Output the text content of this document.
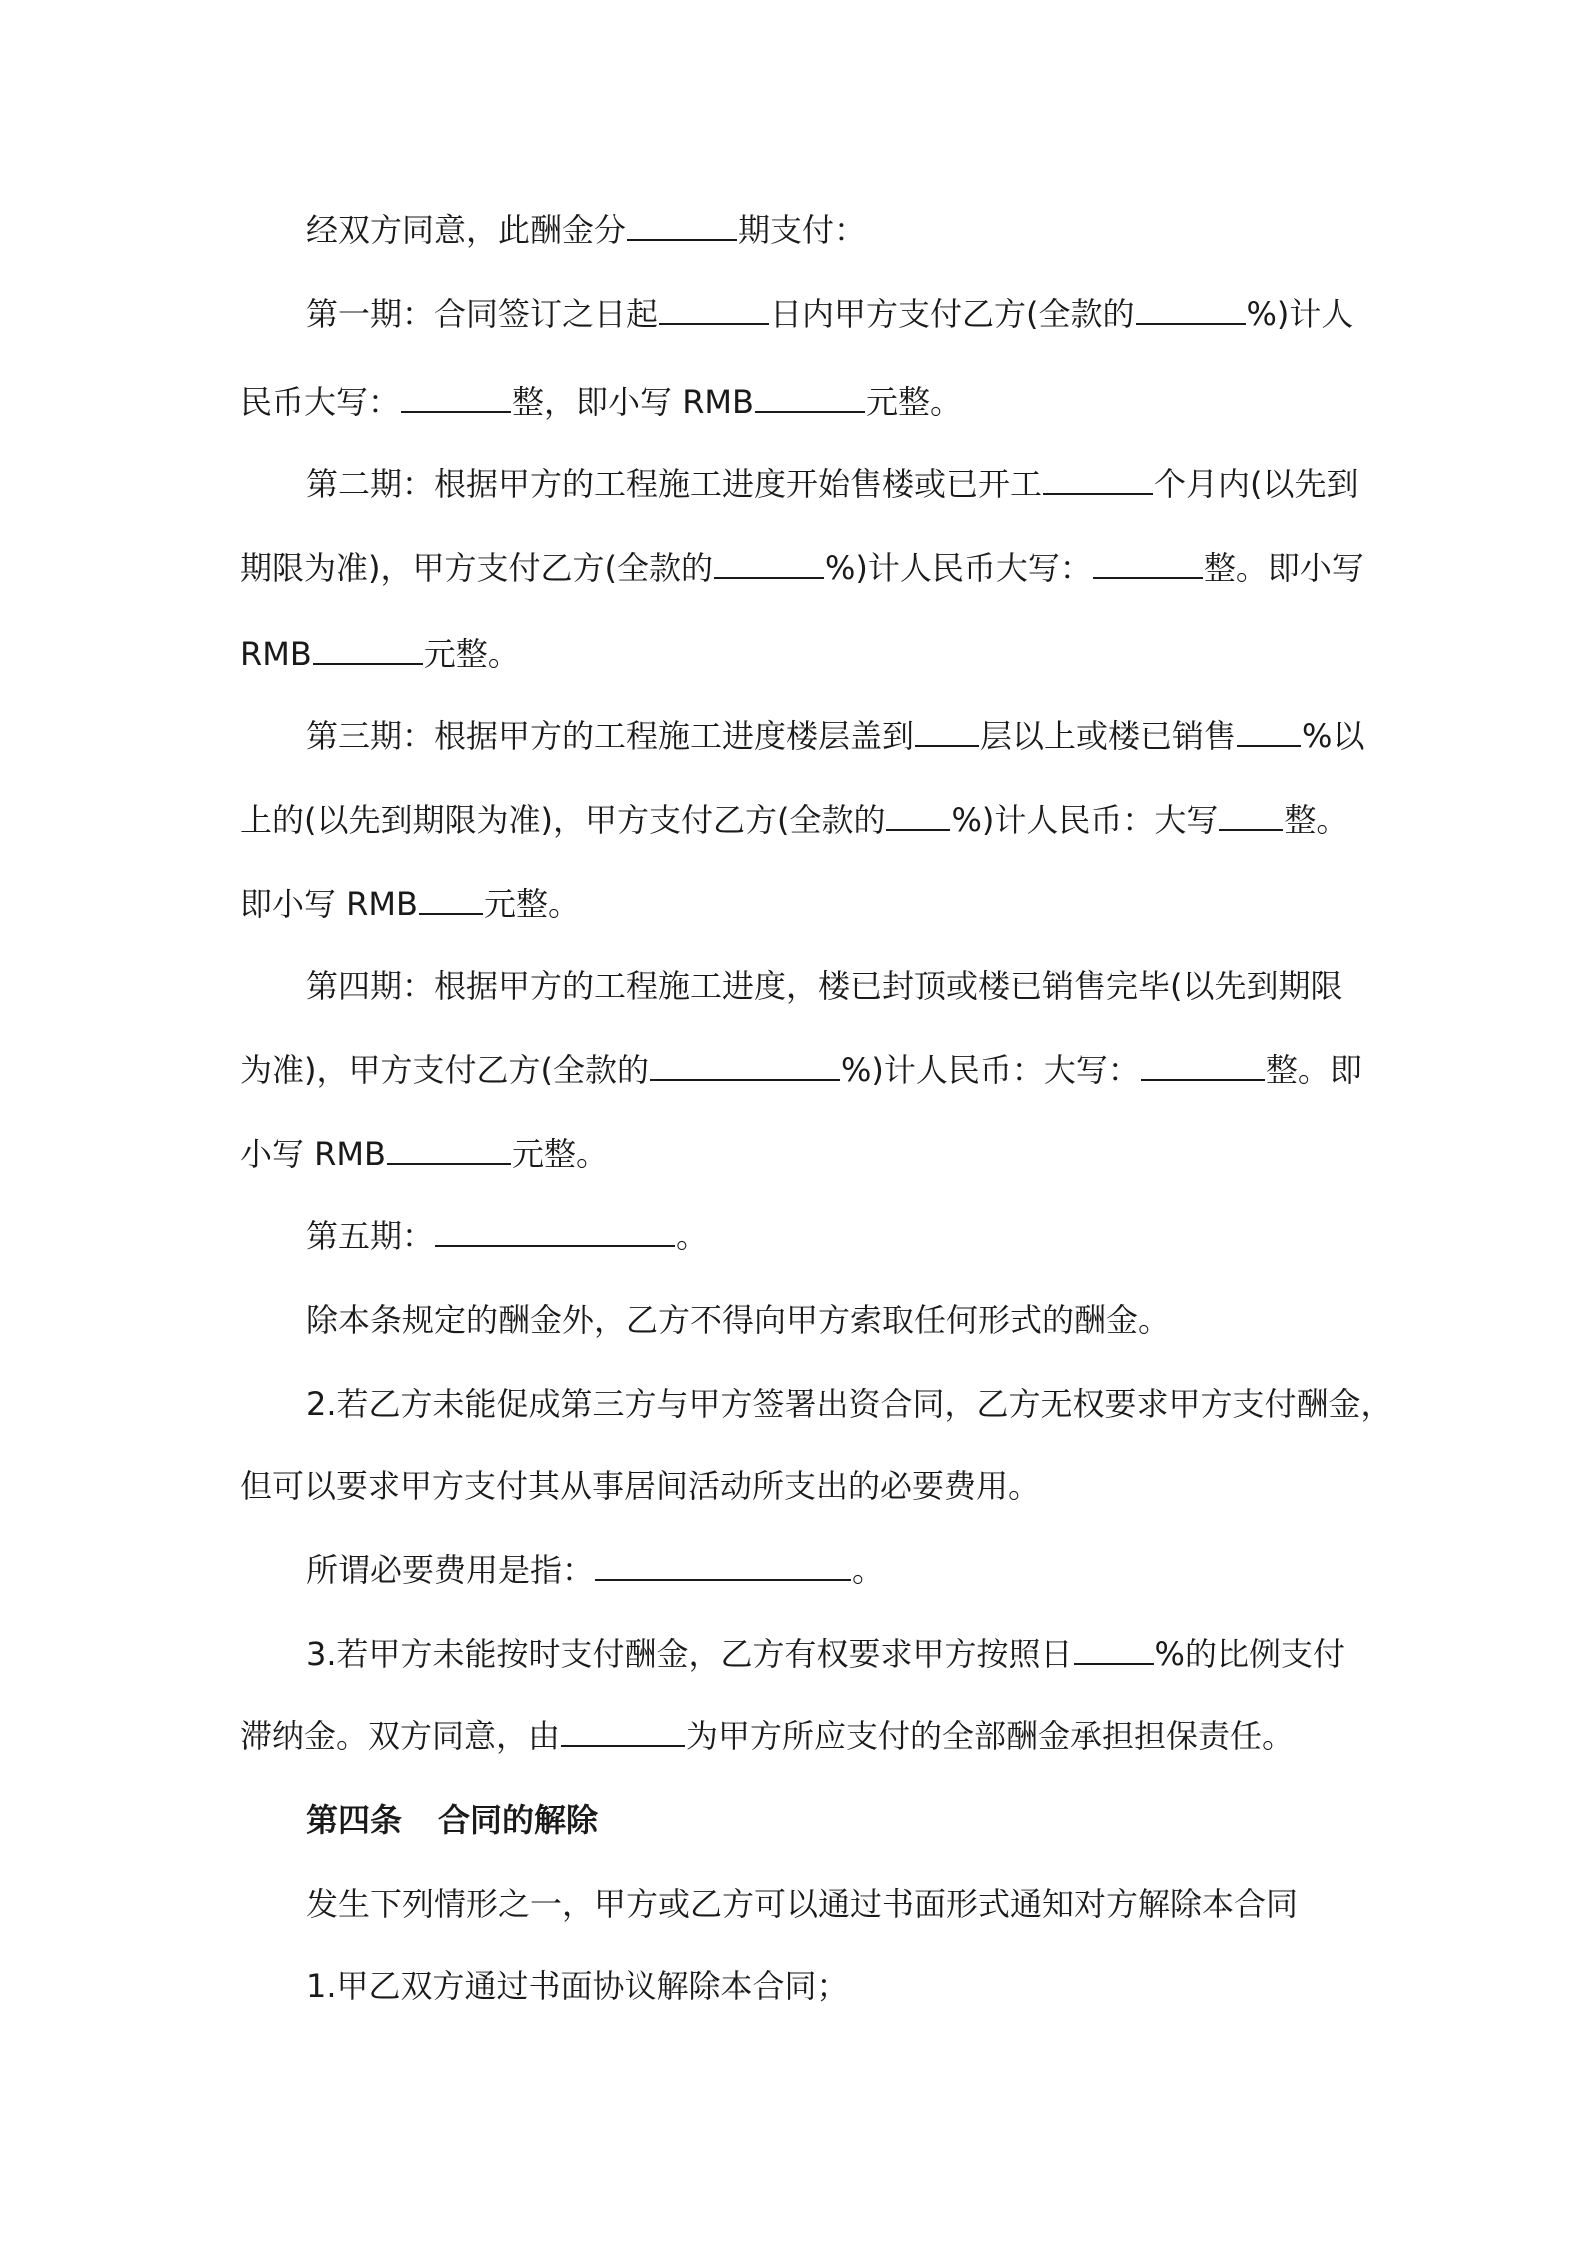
经双方同意，此酬金分	期支付：
第一期：合同签订之日起	日内甲方支付乙方(全款的	%)计人
民币大写：	整，即小写 RMB	元整。
第二期：根据甲方的工程施工进度开始售楼或已开工	个月内(以先到
期限为准)，甲方支付乙方(全款的	%)计人民币大写：	整。即小写
RMB	元整。
第三期：根据甲方的工程施工进度楼层盖到 层以上或楼已销售 %以
上的(以先到期限为准)，甲方支付乙方(全款的 %)计人民币：大写 整。
即小写 RMB 元整。
第四期：根据甲方的工程施工进度，楼已封顶或楼已销售完毕(以先到期限
为准)，甲方支付乙方(全款的	%)计人民币：大写：	整。即
小写 RMB	元整。
第五期：	。
除本条规定的酬金外，乙方不得向甲方索取任何形式的酬金。
2.若乙方未能促成第三方与甲方签署出资合同，乙方无权要求甲方支付酬金，
但可以要求甲方支付其从事居间活动所支出的必要费用。
所谓必要费用是指：	。
3.若甲方未能按时支付酬金，乙方有权要求甲方按照日	%的比例支付
滞纳金。双方同意，由	为甲方所应支付的全部酬金承担担保责任。
第四条 合同的解除
发生下列情形之一，甲方或乙方可以通过书面形式通知对方解除本合同
1.甲乙双方通过书面协议解除本合同；
